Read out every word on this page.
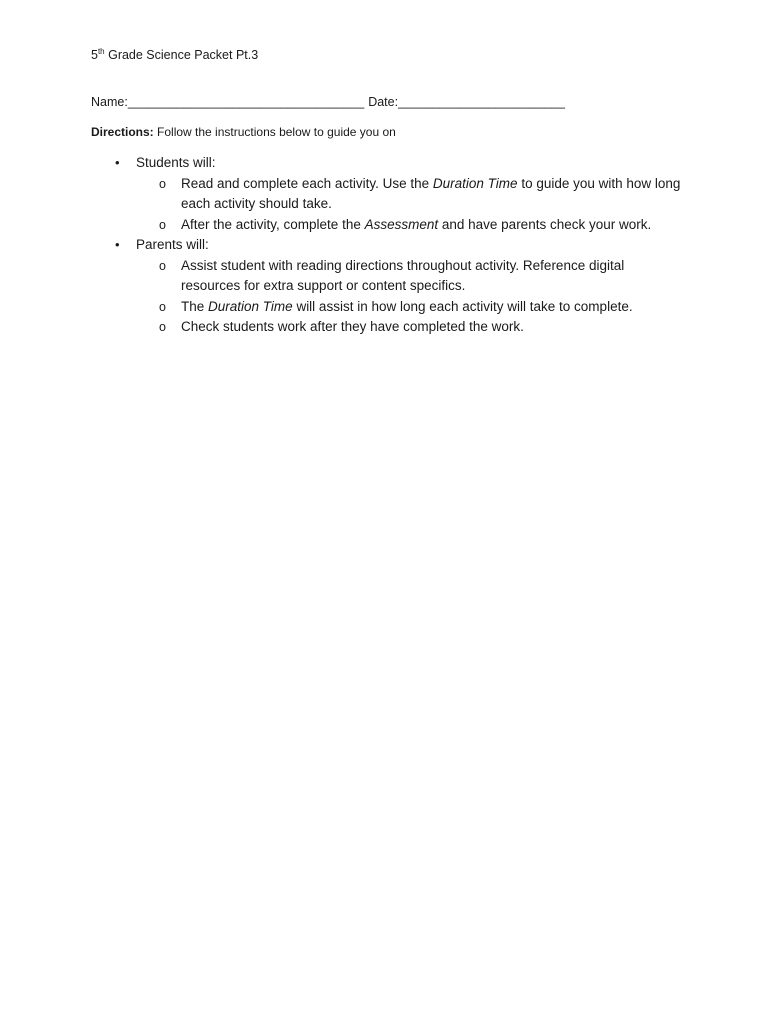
5th Grade Science Packet Pt.3
Name:__________________________________ Date:________________________
Directions: Follow the instructions below to guide you on
• Students will:
o Read and complete each activity. Use the Duration Time to guide you with how long each activity should take.
o After the activity, complete the Assessment and have parents check your work.
• Parents will:
o Assist student with reading directions throughout activity. Reference digital resources for extra support or content specifics.
o The Duration Time will assist in how long each activity will take to complete.
o Check students work after they have completed the work.
